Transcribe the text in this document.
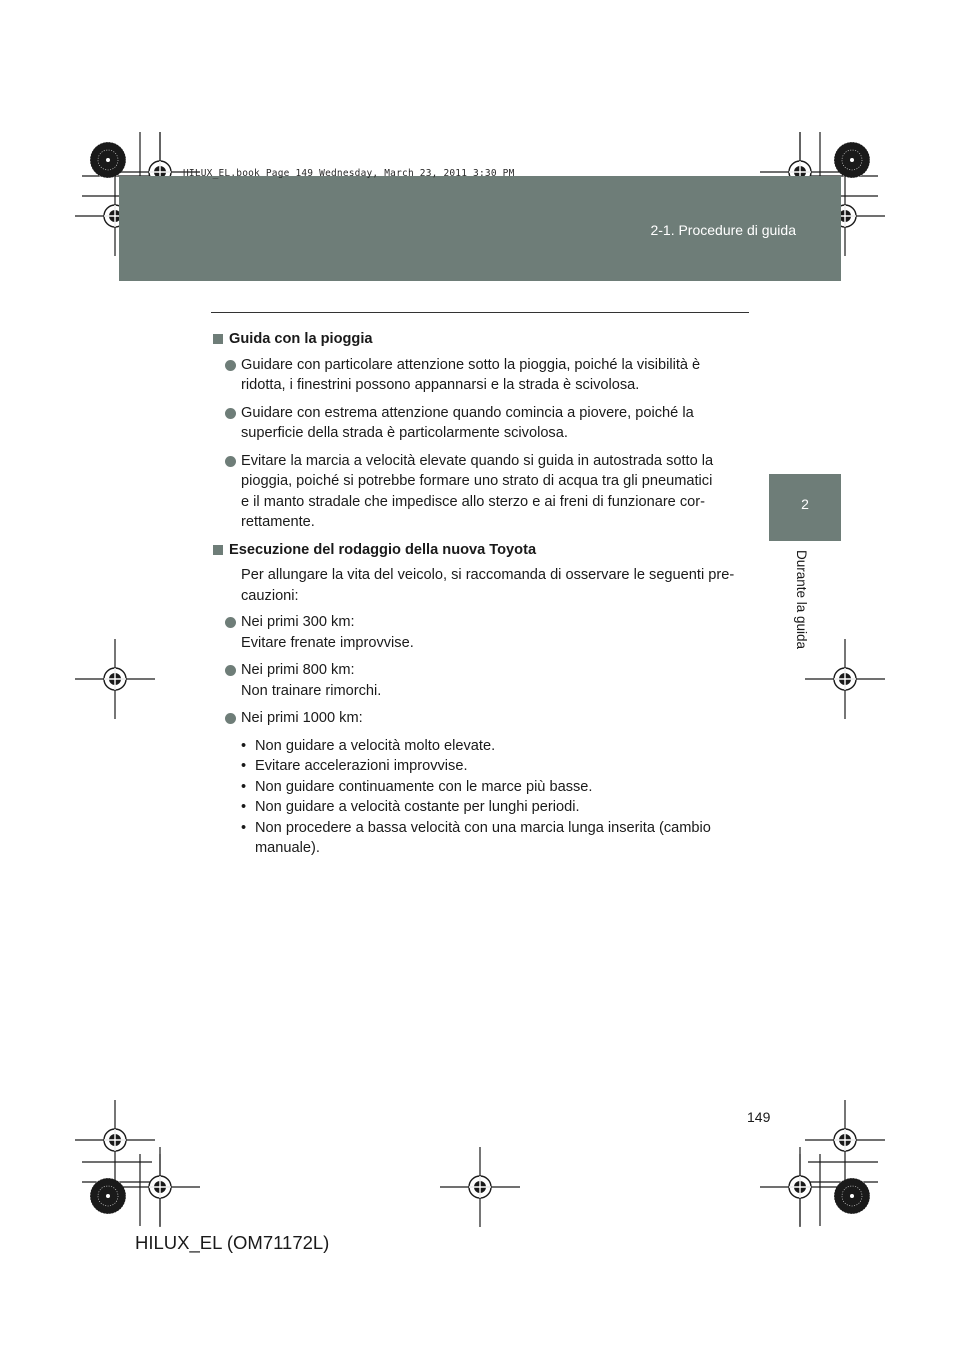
HILUX_EL.book Page 149 Wednesday, March 23, 2011 3:30 PM
2-1. Procedure di guida
2
Durante la guida
Guida con la pioggia
Guidare con particolare attenzione sotto la pioggia, poiché la visibilità è
ridotta, i finestrini possono appannarsi e la strada è scivolosa.
Guidare con estrema attenzione quando comincia a piovere, poiché la
superficie della strada è particolarmente scivolosa.
Evitare la marcia a velocità elevate quando si guida in autostrada sotto la
pioggia, poiché si potrebbe formare uno strato di acqua tra gli pneumatici
e il manto stradale che impedisce allo sterzo e ai freni di funzionare cor-
rettamente.
Esecuzione del rodaggio della nuova Toyota
Per allungare la vita del veicolo, si raccomanda di osservare le seguenti pre-
cauzioni:
Nei primi 300 km:
Evitare frenate improvvise.
Nei primi 800 km:
Non trainare rimorchi.
Nei primi 1000 km:
• Non guidare a velocità molto elevate.
• Evitare accelerazioni improvvise.
• Non guidare continuamente con le marce più basse.
• Non guidare a velocità costante per lunghi periodi.
• Non procedere a bassa velocità con una marcia lunga inserita (cambio
manuale).
149
HILUX_EL (OM71172L)
